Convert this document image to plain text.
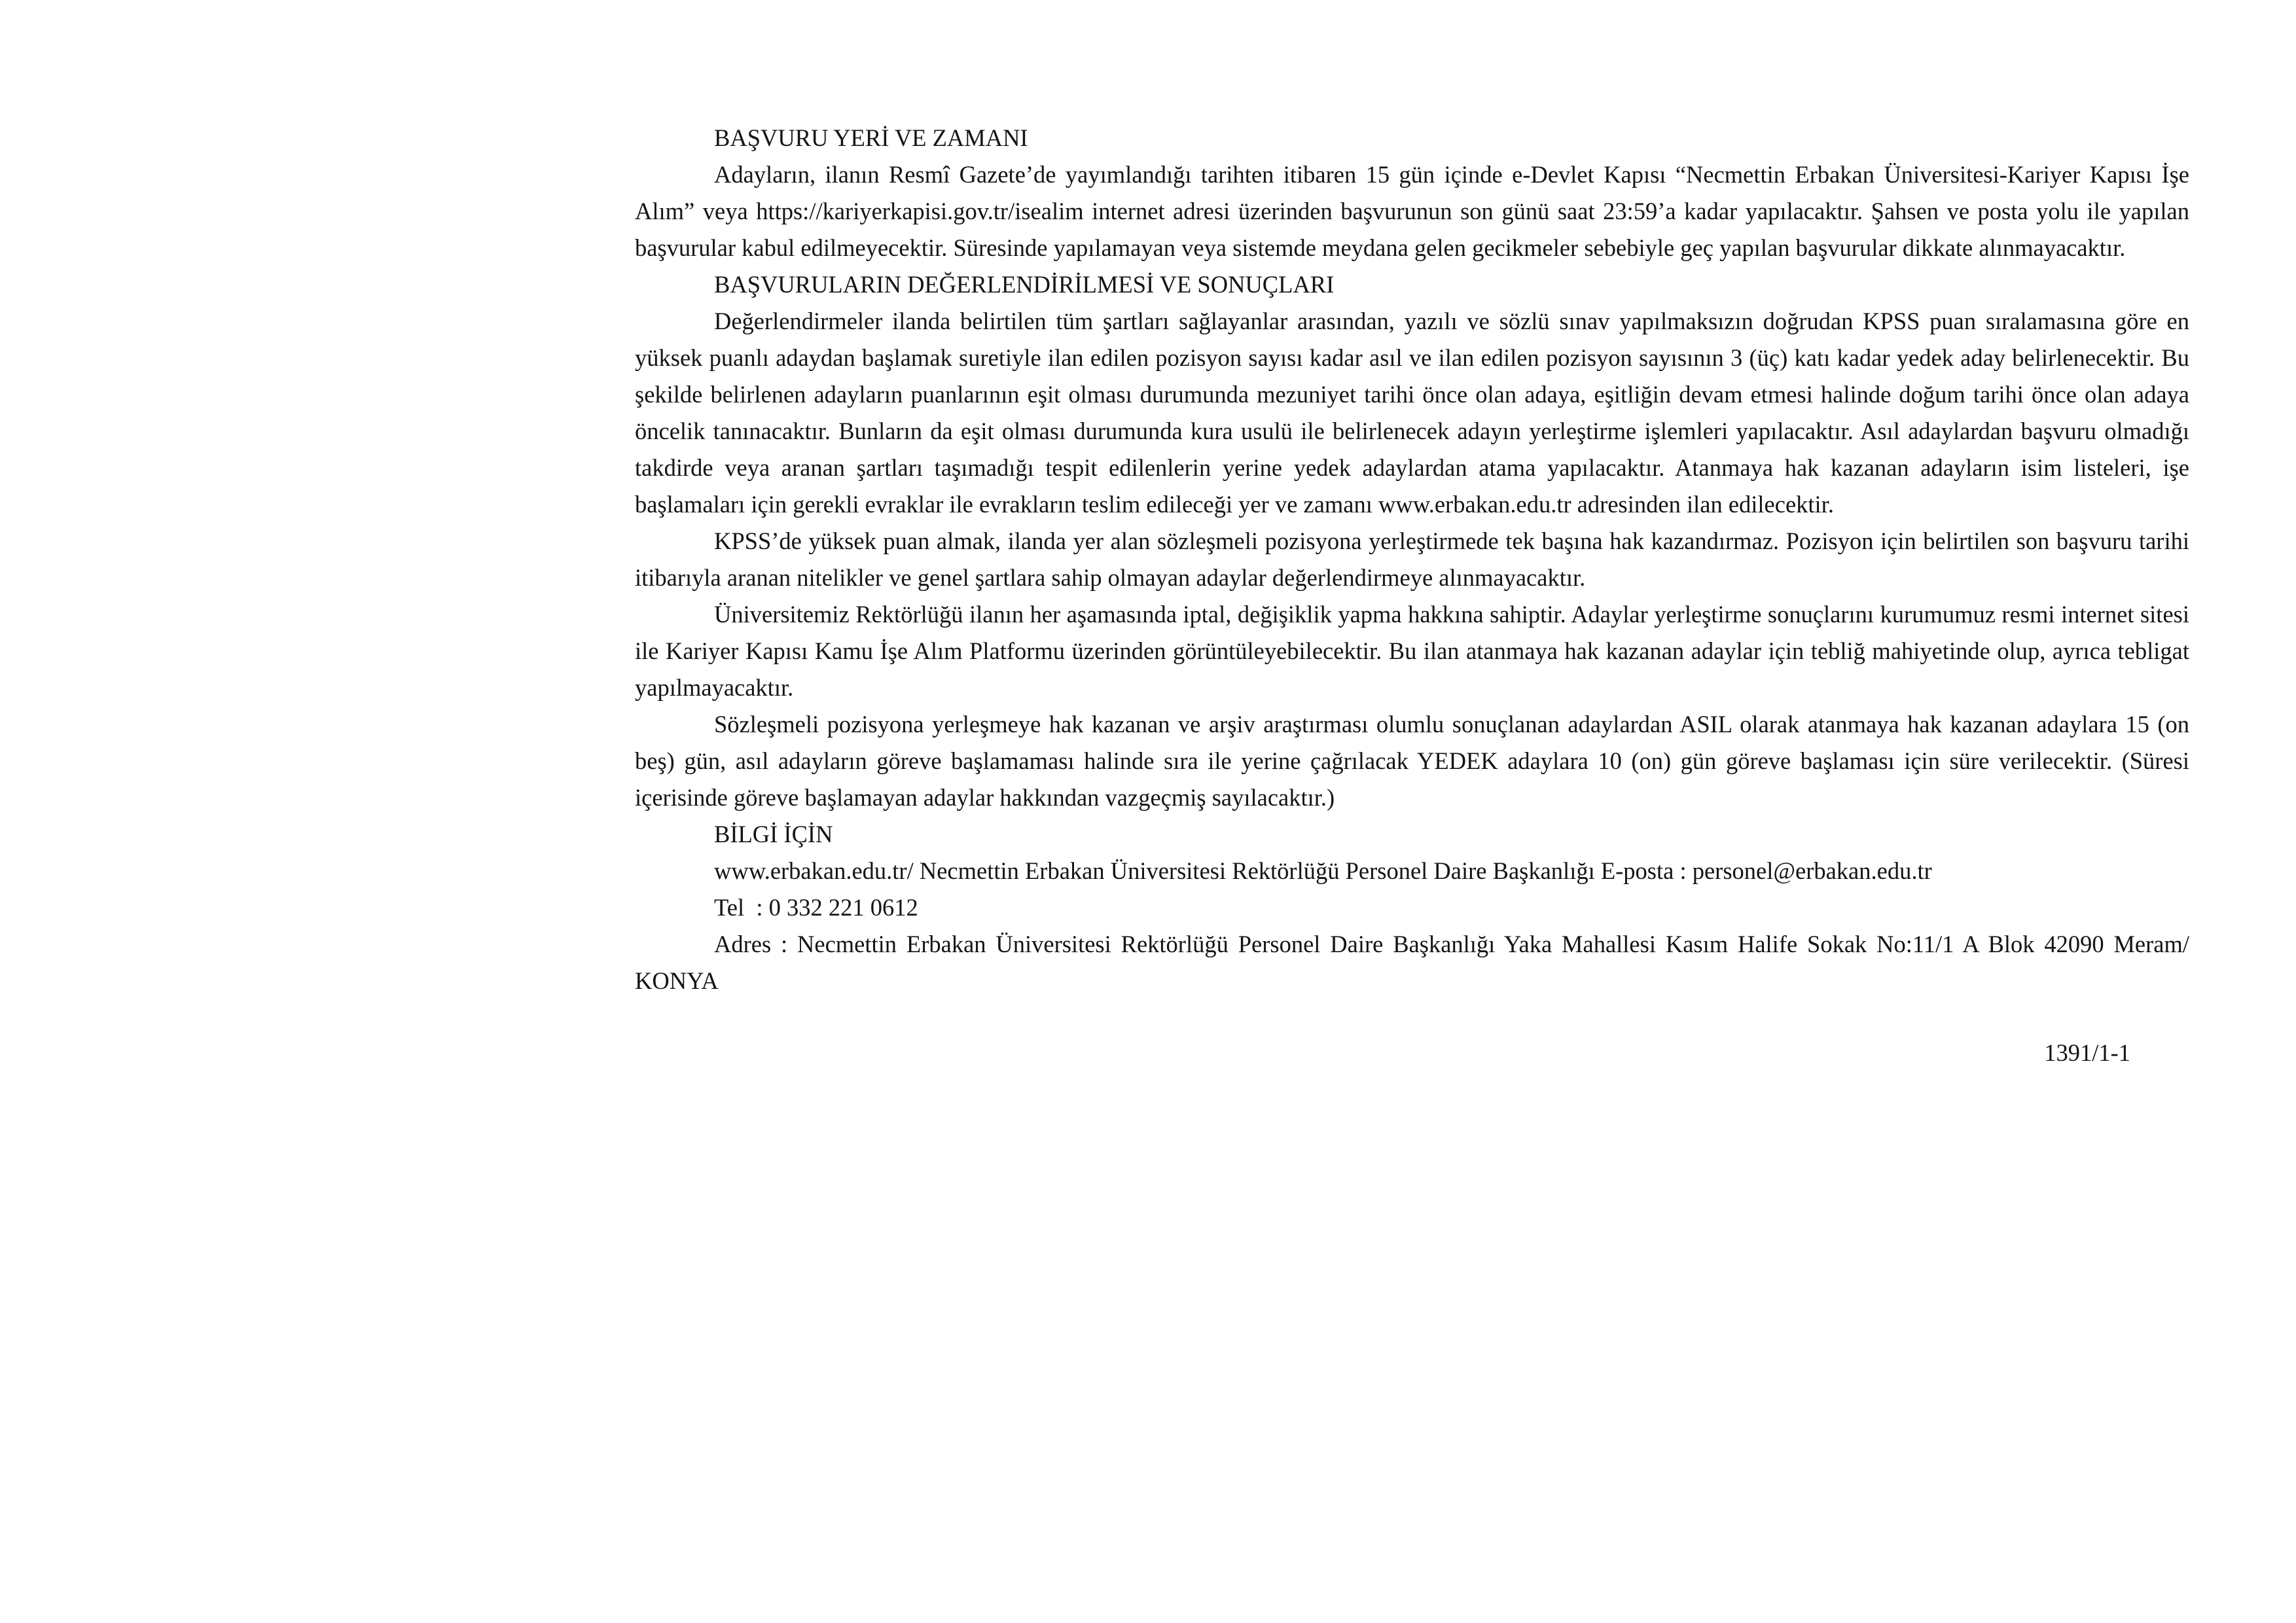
BAŞVURU YERİ VE ZAMANI

Adayların, ilanın Resmî Gazete’de yayımlandığı tarihten itibaren 15 gün içinde e-Devlet Kapısı “Necmettin Erbakan Üniversitesi-Kariyer Kapısı İşe Alım” veya https://kariyerkapisi.gov.tr/isealim internet adresi üzerinden başvurunun son günü saat 23:59’a kadar yapılacaktır. Şahsen ve posta yolu ile yapılan başvurular kabul edilmeyecektir. Süresinde yapılamayan veya sistemde meydana gelen gecikmeler sebebiyle geç yapılan başvurular dikkate alınmayacaktır.

BAŞVURULARIN DEĞERLENDİRİLMESİ VE SONUÇLARI

Değerlendirmeler ilanda belirtilen tüm şartları sağlayanlar arasından, yazılı ve sözlü sınav yapılmaksızın doğrudan KPSS puan sıralamasına göre en yüksek puanlı adaydan başlamak suretiyle ilan edilen pozisyon sayısı kadar asıl ve ilan edilen pozisyon sayısının 3 (üç) katı kadar yedek aday belirlenecektir. Bu şekilde belirlenen adayların puanlarının eşit olması durumunda mezuniyet tarihi önce olan adaya, eşitliğin devam etmesi halinde doğum tarihi önce olan adaya öncelik tanınacaktır. Bunların da eşit olması durumunda kura usulü ile belirlenecek adayın yerleştirme işlemleri yapılacaktır. Asıl adaylardan başvuru olmadığı takdirde veya aranan şartları taşımadığı tespit edilenlerin yerine yedek adaylardan atama yapılacaktır. Atanmaya hak kazanan adayların isim listeleri, işe başlamaları için gerekli evraklar ile evrakların teslim edileceği yer ve zamanı www.erbakan.edu.tr adresinden ilan edilecektir.

KPSS’de yüksek puan almak, ilanda yer alan sözleşmeli pozisyona yerleştirmede tek başına hak kazandırmaz. Pozisyon için belirtilen son başvuru tarihi itibarıyla aranan nitelikler ve genel şartlara sahip olmayan adaylar değerlendirmeye alınmayacaktır.

Üniversitemiz Rektörlüğü ilanın her aşamasında iptal, değişiklik yapma hakkına sahiptir. Adaylar yerleştirme sonuçlarını kurumumuz resmi internet sitesi ile Kariyer Kapısı Kamu İşe Alım Platformu üzerinden görüntüleyebilecektir. Bu ilan atanmaya hak kazanan adaylar için tebliğ mahiyetinde olup, ayrıca tebligat yapılmayacaktır.

Sözleşmeli pozisyona yerleşmeye hak kazanan ve arşiv araştırması olumlu sonuçlanan adaylardan ASIL olarak atanmaya hak kazanan adaylara 15 (on beş) gün, asıl adayların göreve başlamaması halinde sıra ile yerine çağrılacak YEDEK adaylara 10 (on) gün göreve başlaması için süre verilecektir. (Süresi içerisinde göreve başlamayan adaylar hakkından vazgeçmiş sayılacaktır.)

BİLGİ İÇİN

www.erbakan.edu.tr/ Necmettin Erbakan Üniversitesi Rektörlüğü Personel Daire Başkanlığı E-posta : personel@erbakan.edu.tr

Tel  : 0 332 221 0612

Adres : Necmettin Erbakan Üniversitesi Rektörlüğü Personel Daire Başkanlığı Yaka Mahallesi Kasım Halife Sokak No:11/1 A Blok 42090 Meram/ KONYA

1391/1-1
